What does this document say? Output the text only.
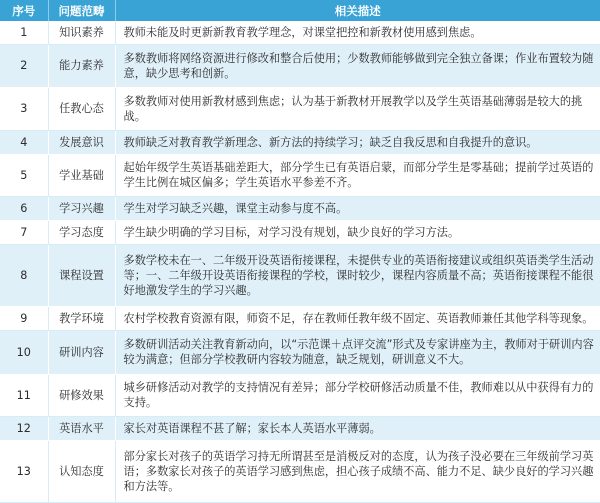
序号	问题范畴	相关描述
1	知识素养	教师未能及时更新新教育教学理念，对课堂把控和新教材使用感到焦虑。
2	能力素养	多数教师将网络资源进行修改和整合后使用；少数教师能够做到完全独立备课；作业布置较为随意，缺少思考和创新。
3	任教心态	多数教师对使用新教材感到焦虑；认为基于新教材开展教学以及学生英语基础薄弱是较大的挑战。
4	发展意识	教师缺乏对教育教学新理念、新方法的持续学习；缺乏自我反思和自我提升的意识。
5	学业基础	起始年级学生英语基础差距大，部分学生已有英语启蒙，而部分学生是零基础；提前学过英语的学生比例在城区偏多；学生英语水平参差不齐。
6	学习兴趣	学生对学习缺乏兴趣，课堂主动参与度不高。
7	学习态度	学生缺少明确的学习目标，对学习没有规划，缺少良好的学习方法。
8	课程设置	多数学校未在一、二年级开设英语衔接课程，未提供专业的英语衔接建议或组织英语类学生活动等；一、二年级开设英语衔接课程的学校，课时较少，课程内容质量不高；英语衔接课程不能很好地激发学生的学习兴趣。
9	教学环境	农村学校教育资源有限，师资不足，存在教师任教年级不固定、英语教师兼任其他学科等现象。
10	研训内容	多数研训活动关注教育新动向，以“示范课＋点评交流”形式及专家讲座为主，教师对于研训内容较为满意；但部分学校教研内容较为随意，缺乏规划，研训意义不大。
11	研修效果	城乡研修活动对教学的支持情况有差异；部分学校研修活动质量不佳，教师难以从中获得有力的支持。
12	英语水平	家长对英语课程不甚了解；家长本人英语水平薄弱。
13	认知态度	部分家长对孩子的英语学习持无所谓甚至是消极反对的态度，认为孩子没必要在三年级前学习英语；多数家长对孩子的英语学习感到焦虑，担心孩子成绩不高、能力不足、缺少良好的学习兴趣和方法等。
